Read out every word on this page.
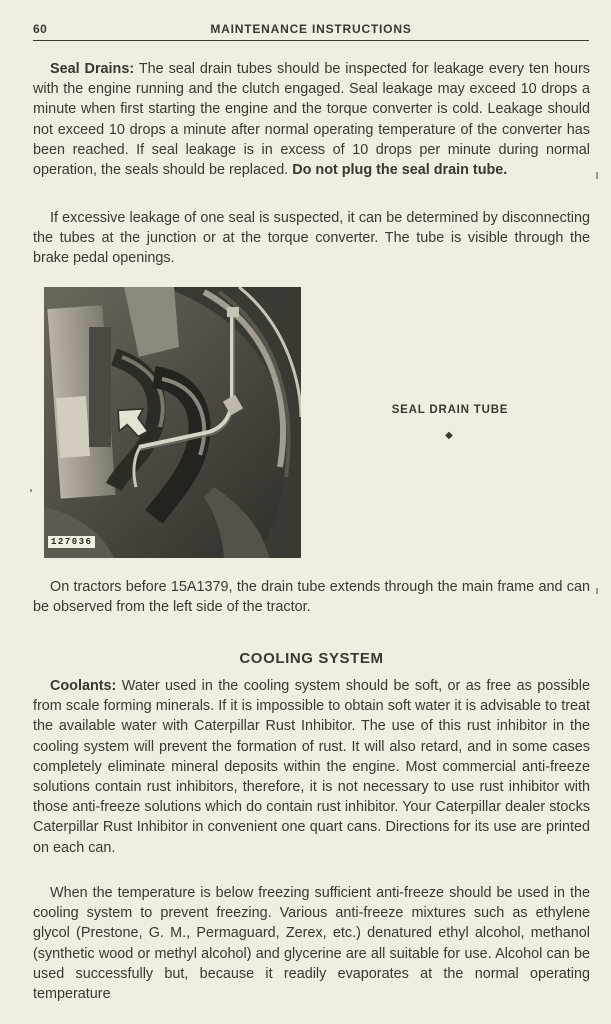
60	MAINTENANCE INSTRUCTIONS

Seal Drains: The seal drain tubes should be inspected for leakage every ten hours with the engine running and the clutch engaged. Seal leakage may exceed 10 drops a minute when first starting the engine and the torque converter is cold. Leakage should not exceed 10 drops a minute after normal operating temperature of the converter has been reached. If seal leakage is in excess of 10 drops per minute during normal operation, the seals should be replaced. Do not plug the seal drain tube.

If excessive leakage of one seal is suspected, it can be determined by disconnecting the tubes at the junction or at the torque converter. The tube is visible through the brake pedal openings.

127036
SEAL DRAIN TUBE
◆

On tractors before 15A1379, the drain tube extends through the main frame and can be observed from the left side of the tractor.

COOLING SYSTEM

Coolants: Water used in the cooling system should be soft, or as free as possible from scale forming minerals. If it is impossible to obtain soft water it is advisable to treat the available water with Caterpillar Rust Inhibitor. The use of this rust inhibitor in the cooling system will prevent the formation of rust. It will also retard, and in some cases completely eliminate mineral deposits within the engine. Most commercial anti-freeze solutions contain rust inhibitors, therefore, it is not necessary to use rust inhibitor with those anti-freeze solutions which do contain rust inhibitor. Your Caterpillar dealer stocks Caterpillar Rust Inhibitor in convenient one quart cans. Directions for its use are printed on each can.

When the temperature is below freezing sufficient anti-freeze should be used in the cooling system to prevent freezing. Various anti-freeze mixtures such as ethylene glycol (Prestone, G. M., Permaguard, Zerex, etc.) denatured ethyl alcohol, methanol (synthetic wood or methyl alcohol) and glycerine are all suitable for use. Alcohol can be used successfully but, because it readily evaporates at the normal operating temperature
